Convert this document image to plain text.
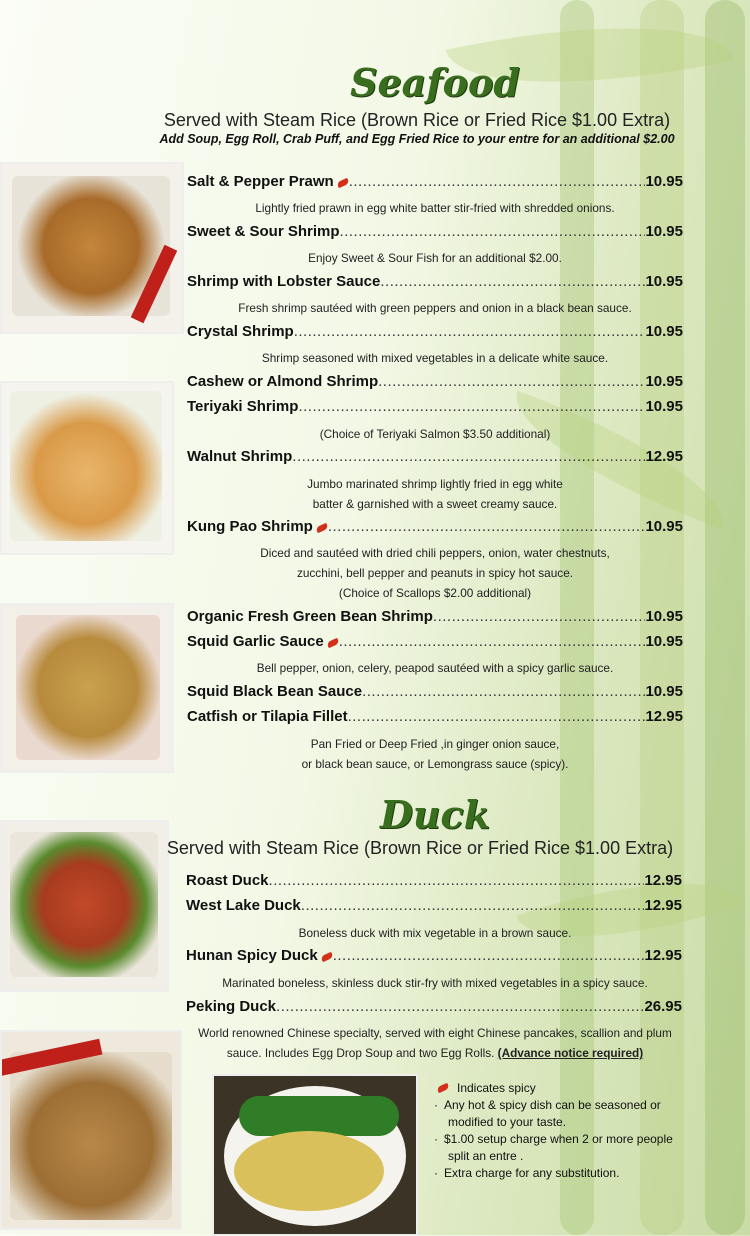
Seafood
Served with Steam Rice (Brown Rice or Fried Rice $1.00 Extra)
Add Soup, Egg Roll, Crab Puff, and Egg Fried Rice to your entre for an additional $2.00
Salt & Pepper Prawn .....	10.95
Lightly fried prawn in egg white batter stir-fried with shredded onions.
Sweet & Sour Shrimp .....	10.95
Enjoy Sweet & Sour Fish for an additional $2.00.
Shrimp with Lobster Sauce .....	10.95
Fresh shrimp sautéed with green peppers and onion in a black bean sauce.
Crystal Shrimp .....	10.95
Shrimp seasoned with mixed vegetables in a delicate white sauce.
Cashew or Almond Shrimp .....	10.95
Teriyaki Shrimp .....	10.95
(Choice of Teriyaki Salmon $3.50 additional)
Walnut Shrimp .....	12.95
Jumbo marinated shrimp lightly fried in egg white
batter & garnished with a sweet creamy sauce.
Kung Pao Shrimp .....	10.95
Diced and sautéed with dried chili peppers, onion, water chestnuts,
zucchini, bell pepper and peanuts in spicy hot sauce.
(Choice of Scallops $2.00 additional)
Organic Fresh Green Bean Shrimp .....	10.95
Squid Garlic Sauce .....	10.95
Bell pepper, onion, celery, peapod sautéed with a spicy garlic sauce.
Squid Black Bean Sauce .....	10.95
Catfish or Tilapia Fillet .....	12.95
Pan Fried or Deep Fried ,in ginger onion sauce,
or black bean sauce, or Lemongrass sauce (spicy).
Duck
Served with Steam Rice (Brown Rice or Fried Rice $1.00 Extra)
Roast Duck .....	12.95
West Lake Duck .....	12.95
Boneless duck with mix vegetable in a brown sauce.
Hunan Spicy Duck .....	12.95
Marinated boneless, skinless duck stir-fry with mixed vegetables in a spicy sauce.
Peking Duck .....	26.95
World renowned Chinese specialty, served with eight Chinese pancakes, scallion and plum
sauce. Includes Egg Drop Soup and two Egg Rolls. (Advance notice required)
Indicates spicy
· Any hot & spicy dish can be seasoned or
modified to your taste.
· $1.00 setup charge when 2 or more people
split an entre .
· Extra charge for any substitution.
